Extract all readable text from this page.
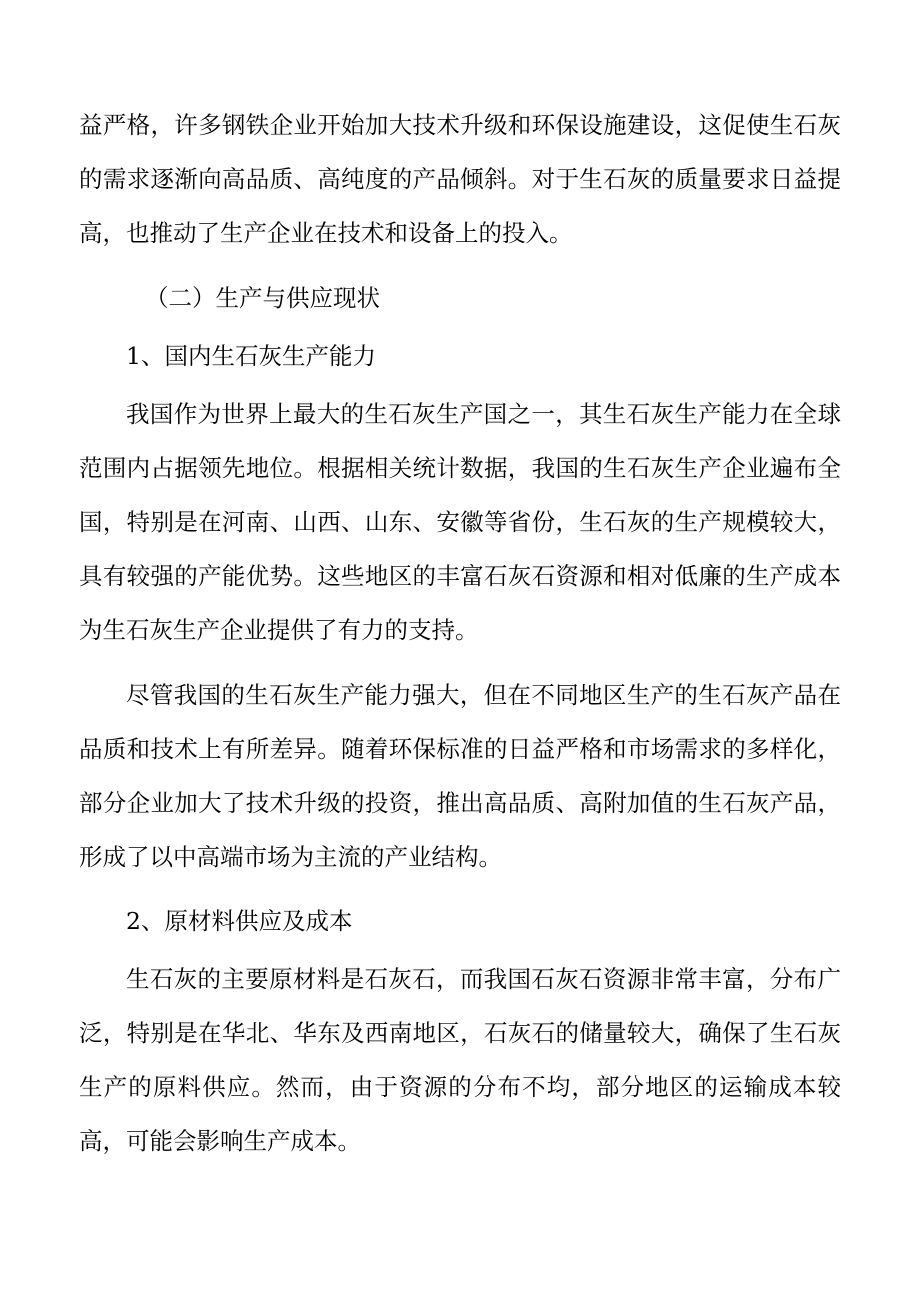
益严格，许多钢铁企业开始加大技术升级和环保设施建设，这促使生石灰的需求逐渐向高品质、高纯度的产品倾斜。对于生石灰的质量要求日益提高，也推动了生产企业在技术和设备上的投入。

（二）生产与供应现状

1、国内生石灰生产能力

我国作为世界上最大的生石灰生产国之一，其生石灰生产能力在全球范围内占据领先地位。根据相关统计数据，我国的生石灰生产企业遍布全国，特别是在河南、山西、山东、安徽等省份，生石灰的生产规模较大，具有较强的产能优势。这些地区的丰富石灰石资源和相对低廉的生产成本为生石灰生产企业提供了有力的支持。

尽管我国的生石灰生产能力强大，但在不同地区生产的生石灰产品在品质和技术上有所差异。随着环保标准的日益严格和市场需求的多样化，部分企业加大了技术升级的投资，推出高品质、高附加值的生石灰产品，形成了以中高端市场为主流的产业结构。

2、原材料供应及成本

生石灰的主要原材料是石灰石，而我国石灰石资源非常丰富，分布广泛，特别是在华北、华东及西南地区，石灰石的储量较大，确保了生石灰生产的原料供应。然而，由于资源的分布不均，部分地区的运输成本较高，可能会影响生产成本。
